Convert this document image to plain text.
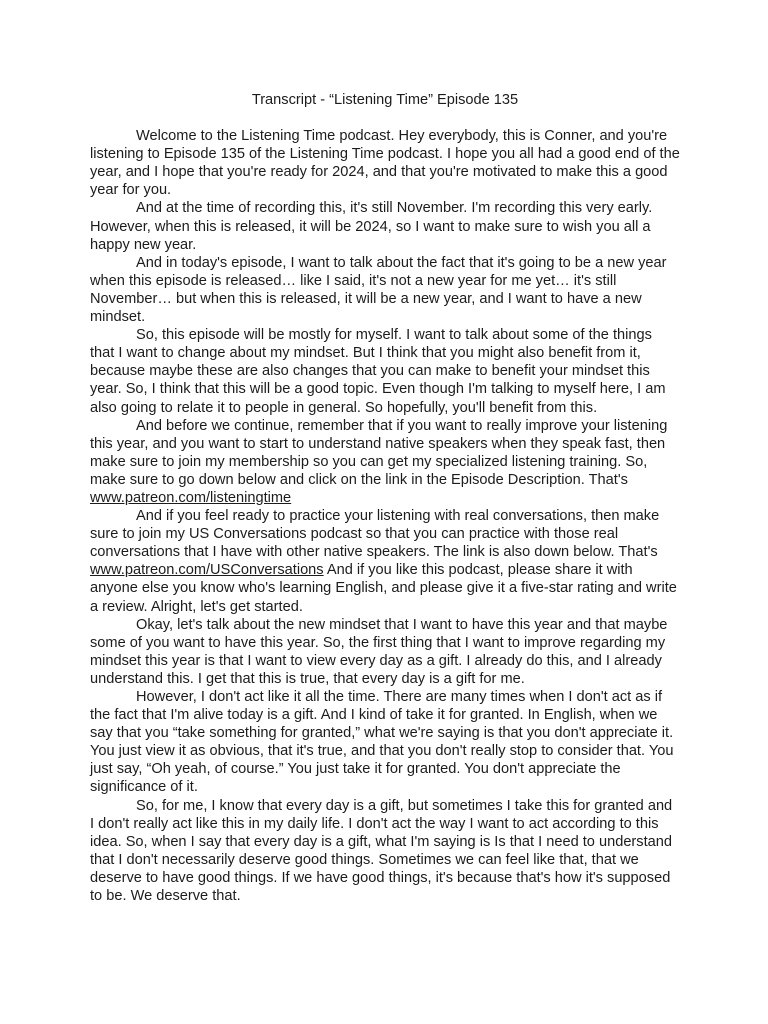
Transcript - “Listening Time” Episode 135

Welcome to the Listening Time podcast. Hey everybody, this is Conner, and you're listening to Episode 135 of the Listening Time podcast. I hope you all had a good end of the year, and I hope that you're ready for 2024, and that you're motivated to make this a good year for you.

And at the time of recording this, it's still November. I'm recording this very early. However, when this is released, it will be 2024, so I want to make sure to wish you all a happy new year.

And in today's episode, I want to talk about the fact that it's going to be a new year when this episode is released… like I said, it's not a new year for me yet… it's still November… but when this is released, it will be a new year, and I want to have a new mindset.

So, this episode will be mostly for myself. I want to talk about some of the things that I want to change about my mindset. But I think that you might also benefit from it, because maybe these are also changes that you can make to benefit your mindset this year. So, I think that this will be a good topic. Even though I'm talking to myself here, I am also going to relate it to people in general. So hopefully, you'll benefit from this.

And before we continue, remember that if you want to really improve your listening this year, and you want to start to understand native speakers when they speak fast, then make sure to join my membership so you can get my specialized listening training. So, make sure to go down below and click on the link in the Episode Description. That's www.patreon.com/listeningtime

And if you feel ready to practice your listening with real conversations, then make sure to join my US Conversations podcast so that you can practice with those real conversations that I have with other native speakers. The link is also down below. That's www.patreon.com/USConversations And if you like this podcast, please share it with anyone else you know who's learning English, and please give it a five-star rating and write a review. Alright, let's get started.

Okay, let's talk about the new mindset that I want to have this year and that maybe some of you want to have this year. So, the first thing that I want to improve regarding my mindset this year is that I want to view every day as a gift. I already do this, and I already understand this. I get that this is true, that every day is a gift for me.

However, I don't act like it all the time. There are many times when I don't act as if the fact that I'm alive today is a gift. And I kind of take it for granted. In English, when we say that you “take something for granted,” what we're saying is that you don't appreciate it. You just view it as obvious, that it's true, and that you don't really stop to consider that. You just say, “Oh yeah, of course.” You just take it for granted. You don't appreciate the significance of it.

So, for me, I know that every day is a gift, but sometimes I take this for granted and I don't really act like this in my daily life. I don't act the way I want to act according to this idea. So, when I say that every day is a gift, what I'm saying is Is that I need to understand that I don't necessarily deserve good things. Sometimes we can feel like that, that we deserve to have good things. If we have good things, it's because that's how it's supposed to be. We deserve that.
